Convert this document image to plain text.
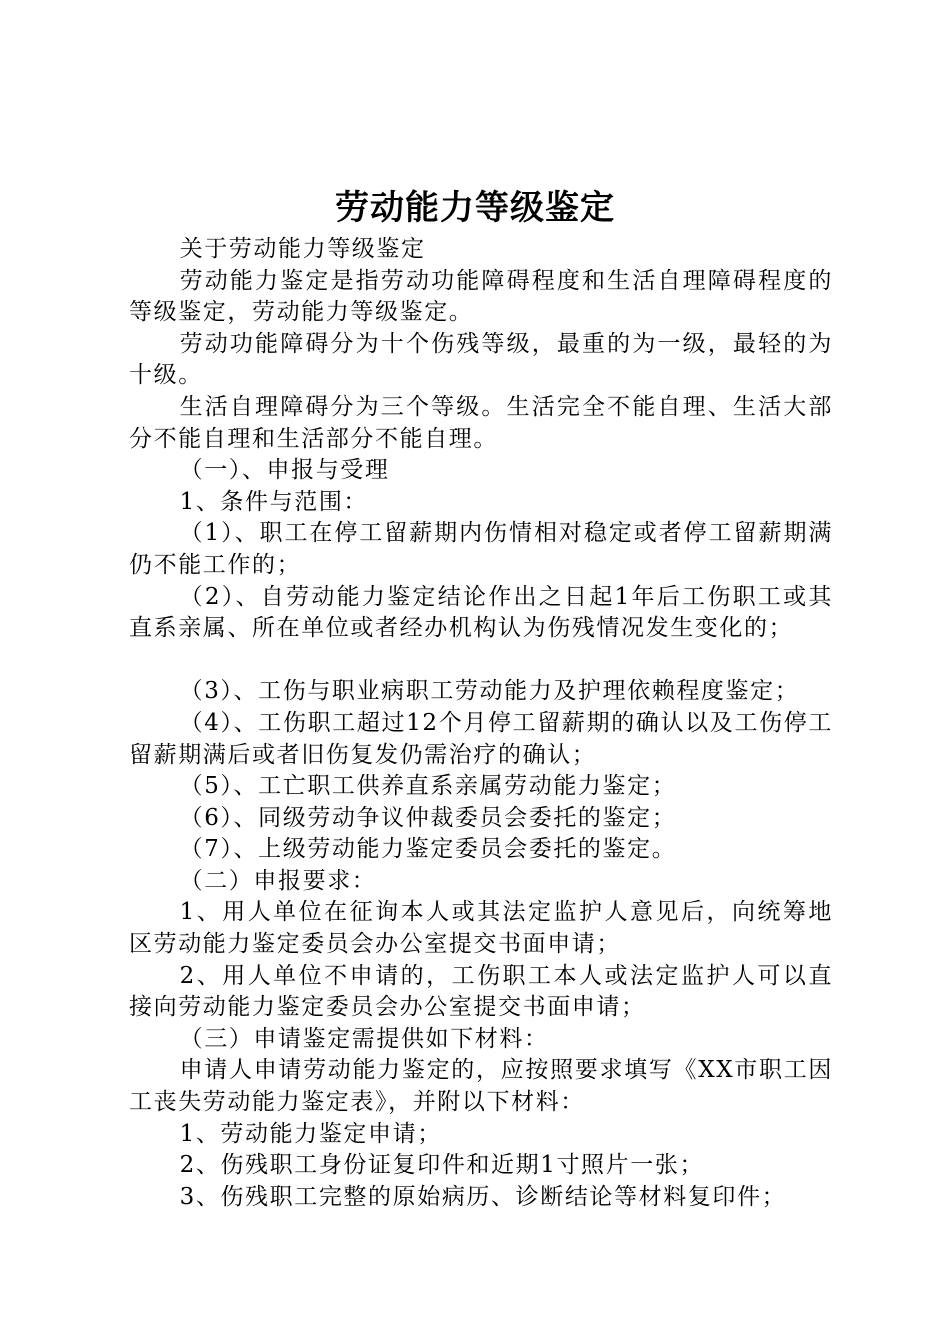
劳动能力等级鉴定

关于劳动能力等级鉴定

劳动能力鉴定是指劳动功能障碍程度和生活自理障碍程度的等级鉴定，劳动能力等级鉴定。

劳动功能障碍分为十个伤残等级，最重的为一级，最轻的为十级。

生活自理障碍分为三个等级。生活完全不能自理、生活大部分不能自理和生活部分不能自理。

（一）、申报与受理

1、条件与范围：

（1）、职工在停工留薪期内伤情相对稳定或者停工留薪期满仍不能工作的；

（2）、自劳动能力鉴定结论作出之日起1年后工伤职工或其直系亲属、所在单位或者经办机构认为伤残情况发生变化的；

（3）、工伤与职业病职工劳动能力及护理依赖程度鉴定；

（4）、工伤职工超过12个月停工留薪期的确认以及工伤停工留薪期满后或者旧伤复发仍需治疗的确认；

（5）、工亡职工供养直系亲属劳动能力鉴定；

（6）、同级劳动争议仲裁委员会委托的鉴定；

（7）、上级劳动能力鉴定委员会委托的鉴定。

（二）申报要求：

1、用人单位在征询本人或其法定监护人意见后，向统筹地区劳动能力鉴定委员会办公室提交书面申请；

2、用人单位不申请的，工伤职工本人或法定监护人可以直接向劳动能力鉴定委员会办公室提交书面申请；

（三）申请鉴定需提供如下材料：

申请人申请劳动能力鉴定的，应按照要求填写《XX市职工因工丧失劳动能力鉴定表》，并附以下材料：

1、劳动能力鉴定申请；

2、伤残职工身份证复印件和近期1寸照片一张；

3、伤残职工完整的原始病历、诊断结论等材料复印件；
